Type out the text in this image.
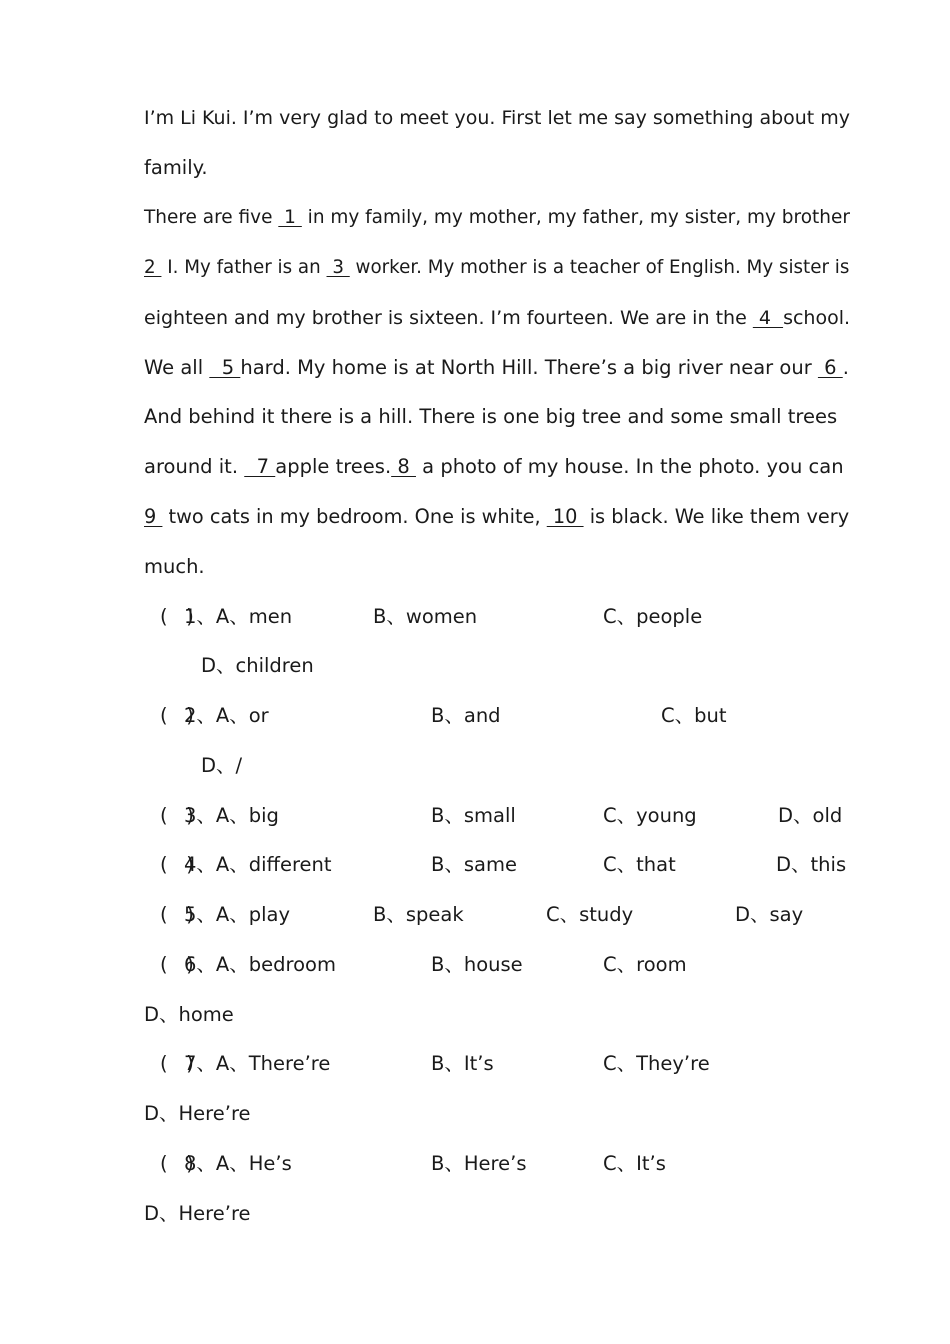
I’m Li Kui. I’m very glad to meet you. First let me say something about my
family.
There are five  1  in my family, my mother, my father, my sister, my brother
2  I. My father is an  3  worker. My mother is a teacher of English. My sister is
eighteen and my brother is sixteen. I’m fourteen. We are in the  4  school.
We all   5 hard. My home is at North Hill. There’s a big river near our  6 .
And behind it there is a hill. There is one big tree and some small trees
around it.   7 apple trees. 8  a photo of my house. In the photo. you can
9  two cats in my bedroom. One is white,  10  is black. We like them very
much.
(   )
1、A、men	B、women	C、people
D、children
(   )
2、A、or	B、and	C、but
D、/
(   )
3、A、big	B、small	C、young	D、old
(   )
4、A、different	B、same	C、that	D、this
(   )
5、A、play	B、speak	C、study	D、say
(   )
6、A、bedroom	B、house	C、room
D、home
(   )
7、A、There’re	B、It’s	C、They’re
D、Here’re
(   )
8、A、He’s	B、Here’s	C、It’s
D、Here’re
